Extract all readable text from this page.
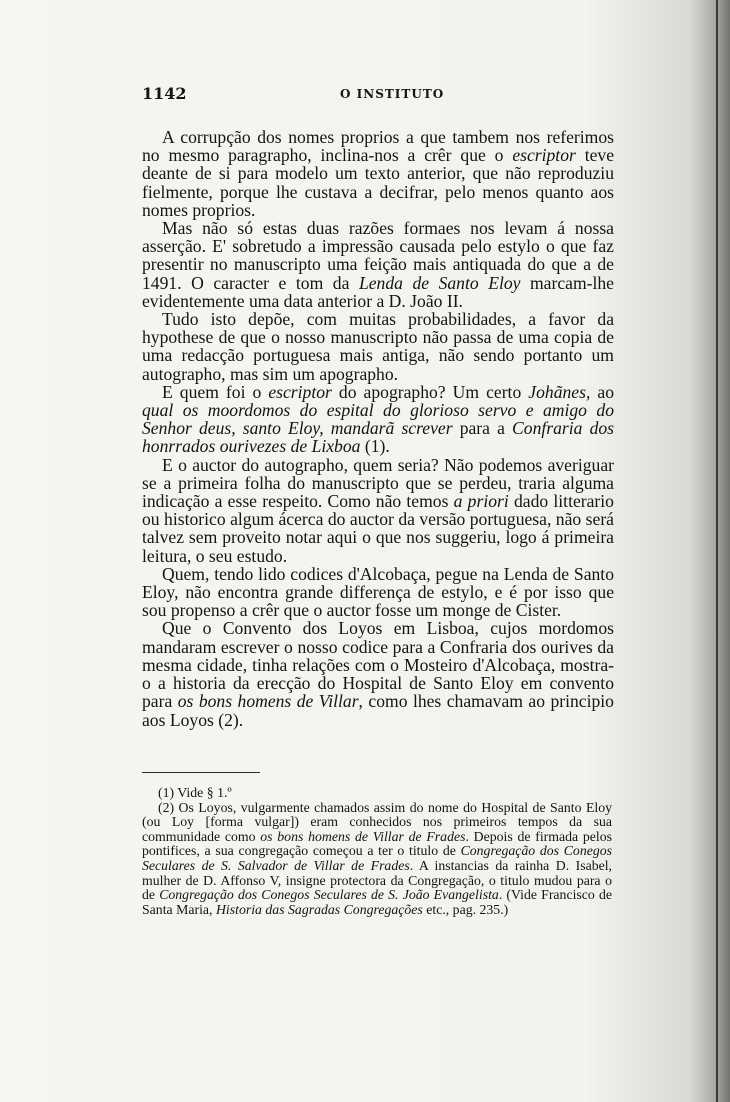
1142	O INSTITUTO

A corrupção dos nomes proprios a que tambem nos referimos no mesmo paragrapho, inclina-nos a crêr que o escriptor teve deante de si para modelo um texto anterior, que não reproduziu fielmente, porque lhe custava a decifrar, pelo menos quanto aos nomes proprios.

Mas não só estas duas razões formaes nos levam á nossa asserção. E' sobretudo a impressão causada pelo estylo o que faz presentir no manuscripto uma feição mais antiquada do que a de 1491. O caracter e tom da Lenda de Santo Eloy marcam-lhe evidentemente uma data anterior a D. João II.

Tudo isto depõe, com muitas probabilidades, a favor da hypothese de que o nosso manuscripto não passa de uma copia de uma redacção portuguesa mais antiga, não sendo portanto um autographo, mas sim um apographo.

E quem foi o escriptor do apographo? Um certo Johãnes, ao qual os moordomos do espital do glorioso servo e amigo do Senhor deus, santo Eloy, mandarã screver para a Confraria dos honrrados ourivezes de Lixboa (1).

E o auctor do autographo, quem seria? Não podemos averiguar se a primeira folha do manuscripto que se perdeu, traria alguma indicação a esse respeito. Como não temos a priori dado litterario ou historico algum ácerca do auctor da versão portuguesa, não será talvez sem proveito notar aqui o que nos suggeriu, logo á primeira leitura, o seu estudo.

Quem, tendo lido codices d'Alcobaça, pegue na Lenda de Santo Eloy, não encontra grande differença de estylo, e é por isso que sou propenso a crêr que o auctor fosse um monge de Cister.

Que o Convento dos Loyos em Lisboa, cujos mordomos mandaram escrever o nosso codice para a Confraria dos ourives da mesma cidade, tinha relações com o Mosteiro d'Alcobaça, mostra-o a historia da erecção do Hospital de Santo Eloy em convento para os bons homens de Villar, como lhes chamavam ao principio aos Loyos (2).

(1) Vide § 1.º

(2) Os Loyos, vulgarmente chamados assim do nome do Hospital de Santo Eloy (ou Loy [forma vulgar]) eram conhecidos nos primeiros tempos da sua communidade como os bons homens de Villar de Frades. Depois de firmada pelos pontifices, a sua congregação começou a ter o titulo de Congregação dos Conegos Seculares de S. Salvador de Villar de Frades. A instancias da rainha D. Isabel, mulher de D. Affonso V, insigne protectora da Congregação, o titulo mudou para o de Congregação dos Conegos Seculares de S. João Evangelista. (Vide Francisco de Santa Maria, Historia das Sagradas Congregações etc., pag. 235.)
